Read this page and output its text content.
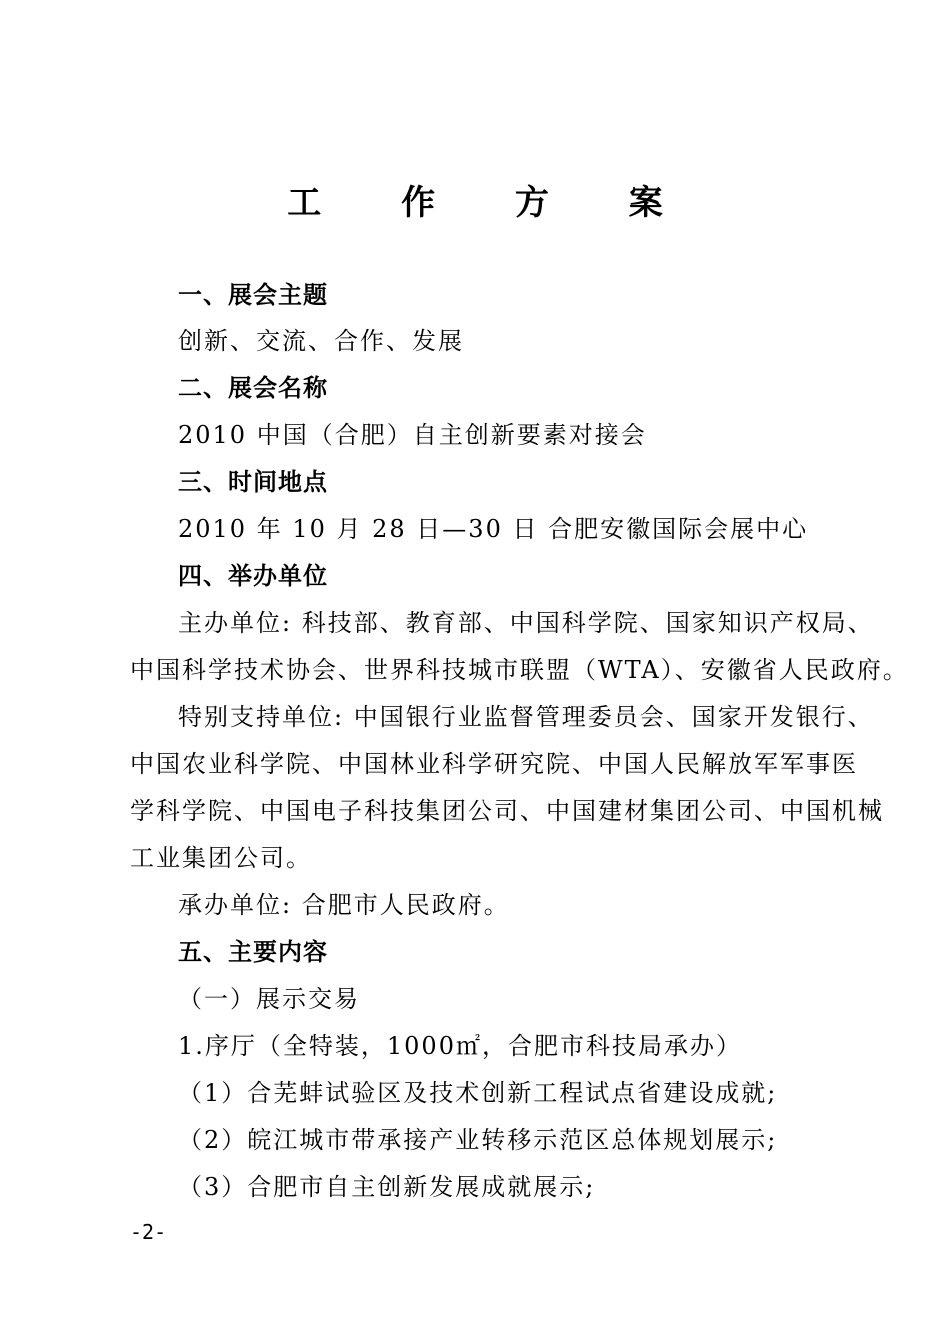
工 作 方 案
一、展会主题
创新、交流、合作、发展
二、展会名称
2010 中国（合肥）自主创新要素对接会
三、时间地点
2010 年 10 月 28 日—30 日 合肥安徽国际会展中心
四、举办单位
主办单位: 科技部、教育部、中国科学院、国家知识产权局、
中国科学技术协会、世界科技城市联盟（WTA）、安徽省人民政府。
特别支持单位: 中国银行业监督管理委员会、国家开发银行、
中国农业科学院、中国林业科学研究院、中国人民解放军军事医
学科学院、中国电子科技集团公司、中国建材集团公司、中国机械
工业集团公司。
承办单位: 合肥市人民政府。
五、主要内容
（一）展示交易
1.序厅（全特装，1000㎡，合肥市科技局承办）
（1）合芜蚌试验区及技术创新工程试点省建设成就;
（2）皖江城市带承接产业转移示范区总体规划展示;
（3）合肥市自主创新发展成就展示;
-2-
